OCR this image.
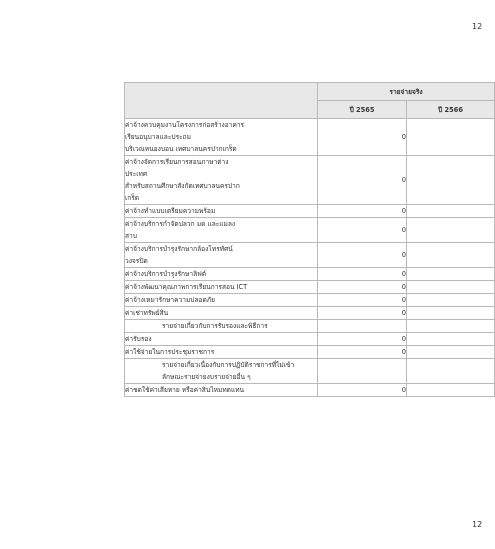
12
	รายจ่ายจริง	
	ปี 2565	ปี 2566

ค่าจ้างควบคุมงานโครงการก่อสร้างอาคาร
เรียนอนุบาลและประถม
บริเวณหนองบอน เทศบาลนครปากเกร็ด	0	

ค่าจ้างจัดการเรียนการสอนภาษาต่าง
ประเทศ
สำหรับสถานศึกษาสังกัดเทศบาลนครปาก
เกร็ด	0	

ค่าจ้างทำแบบเตรียมความพร้อม	0	

ค่าจ้างบริการกำจัดปลวก มด และแมลง
สาบ	0	

ค่าจ้างบริการบำรุงรักษากล้องโทรทัศน์
วงจรปิด	0	

ค่าจ้างบริการบำรุงรักษาลิฟต์	0	

ค่าจ้างพัฒนาคุณภาพการเรียนการสอน ICT	0	

ค่าจ้างเหมารักษาความปลอดภัย	0	

ค่าเช่าทรัพย์สิน	0	

รายจ่ายเกี่ยวกับการรับรองและพิธีการ		

ค่ารับรอง	0	

ค่าใช้จ่ายในการประชุมราชการ	0	

รายจ่ายเกี่ยวเนื่องกับการปฏิบัติราชการที่ไม่เข้า
ลักษณะรายจ่ายงบรายจ่ายอื่น ๆ		

ค่าชดใช้ค่าเสียหาย หรือค่าสินไหมทดแทน	0	
12
